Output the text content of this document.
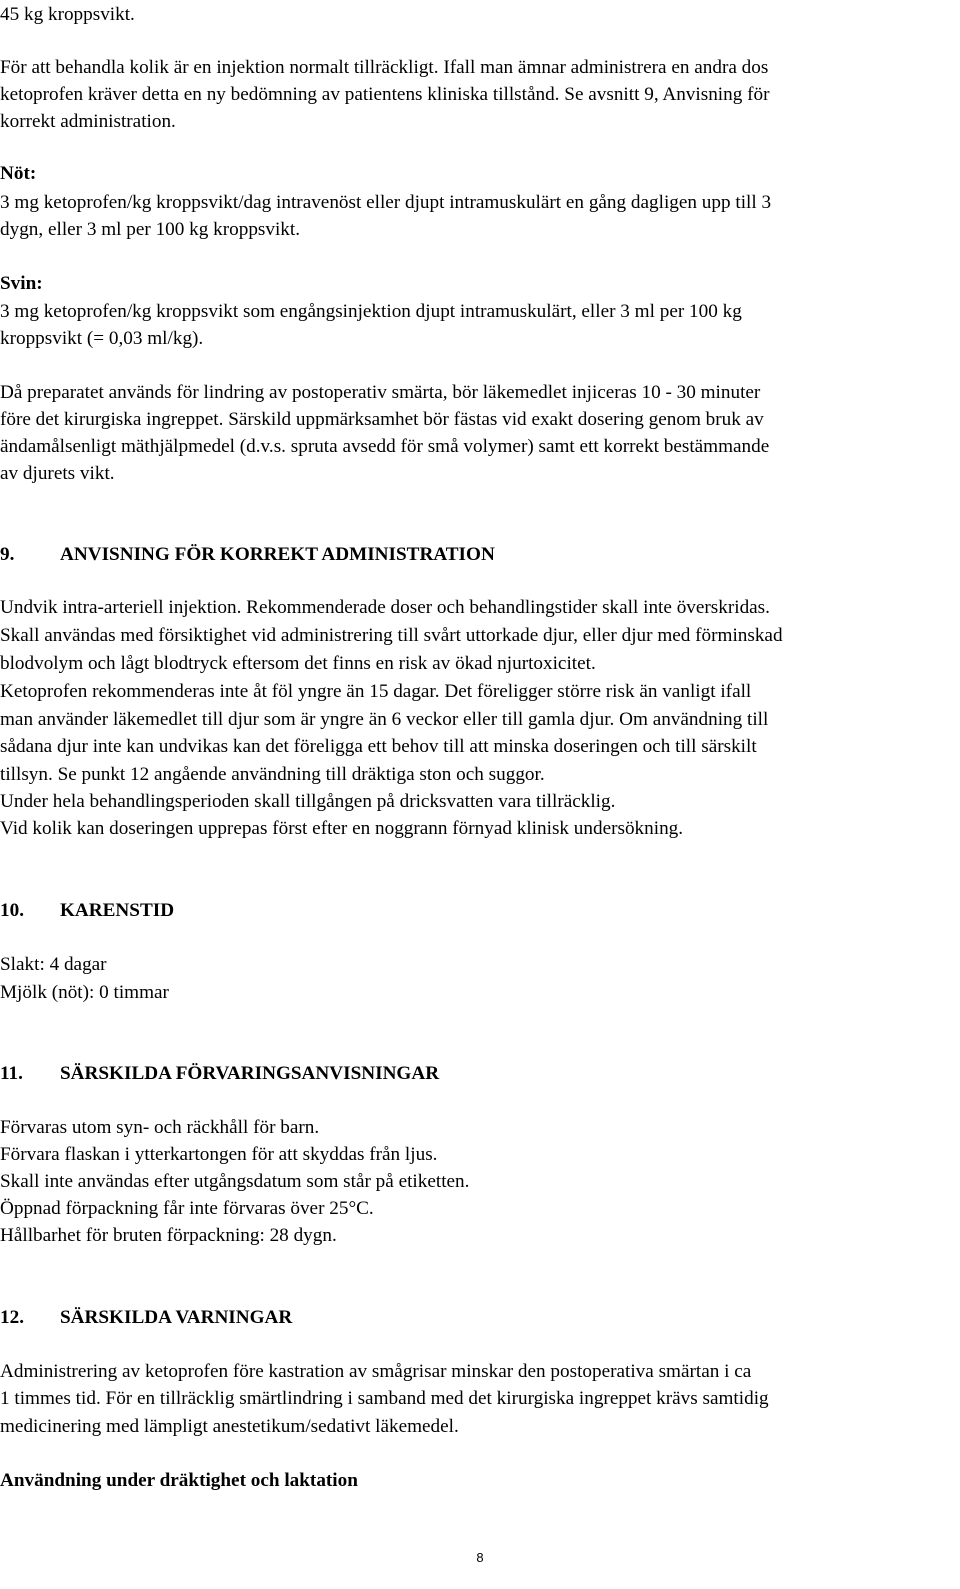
45 kg kroppsvikt.
För att behandla kolik är en injektion normalt tillräckligt. Ifall man ämnar administrera en andra dos
ketoprofen kräver detta en ny bedömning av patientens kliniska tillstånd. Se avsnitt 9, Anvisning för
korrekt administration.
Nöt:
3 mg ketoprofen/kg kroppsvikt/dag intravenöst eller djupt intramuskulärt en gång dagligen upp till 3
dygn, eller 3 ml per 100 kg kroppsvikt.
Svin:
3 mg ketoprofen/kg kroppsvikt som engångsinjektion djupt intramuskulärt, eller 3 ml per 100 kg
kroppsvikt (= 0,03 ml/kg).
Då preparatet används för lindring av postoperativ smärta, bör läkemedlet injiceras 10 - 30 minuter
före det kirurgiska ingreppet. Särskild uppmärksamhet bör fästas vid exakt dosering genom bruk av
ändamålsenligt mäthjälpmedel (d.v.s. spruta avsedd för små volymer) samt ett korrekt bestämmande
av djurets vikt.
9. ANVISNING FÖR KORREKT ADMINISTRATION
Undvik intra-arteriell injektion. Rekommenderade doser och behandlingstider skall inte överskridas.
Skall användas med försiktighet vid administrering till svårt uttorkade djur, eller djur med förminskad
blodvolym och lågt blodtryck eftersom det finns en risk av ökad njurtoxicitet.
Ketoprofen rekommenderas inte åt föl yngre än 15 dagar. Det föreligger större risk än vanligt ifall
man använder läkemedlet till djur som är yngre än 6 veckor eller till gamla djur. Om användning till
sådana djur inte kan undvikas kan det föreligga ett behov till att minska doseringen och till särskilt
tillsyn. Se punkt 12 angående användning till dräktiga ston och suggor.
Under hela behandlingsperioden skall tillgången på dricksvatten vara tillräcklig.
Vid kolik kan doseringen upprepas först efter en noggrann förnyad klinisk undersökning.
10. KARENSTID
Slakt: 4 dagar
Mjölk (nöt): 0 timmar
11. SÄRSKILDA FÖRVARINGSANVISNINGAR
Förvaras utom syn- och räckhåll för barn.
Förvara flaskan i ytterkartongen för att skyddas från ljus.
Skall inte användas efter utgångsdatum som står på etiketten.
Öppnad förpackning får inte förvaras över 25°C.
Hållbarhet för bruten förpackning: 28 dygn.
12. SÄRSKILDA VARNINGAR
Administrering av ketoprofen före kastration av smågrisar minskar den postoperativa smärtan i ca
1 timmes tid. För en tillräcklig smärtlindring i samband med det kirurgiska ingreppet krävs samtidig
medicinering med lämpligt anestetikum/sedativt läkemedel.
Användning under dräktighet och laktation
8
